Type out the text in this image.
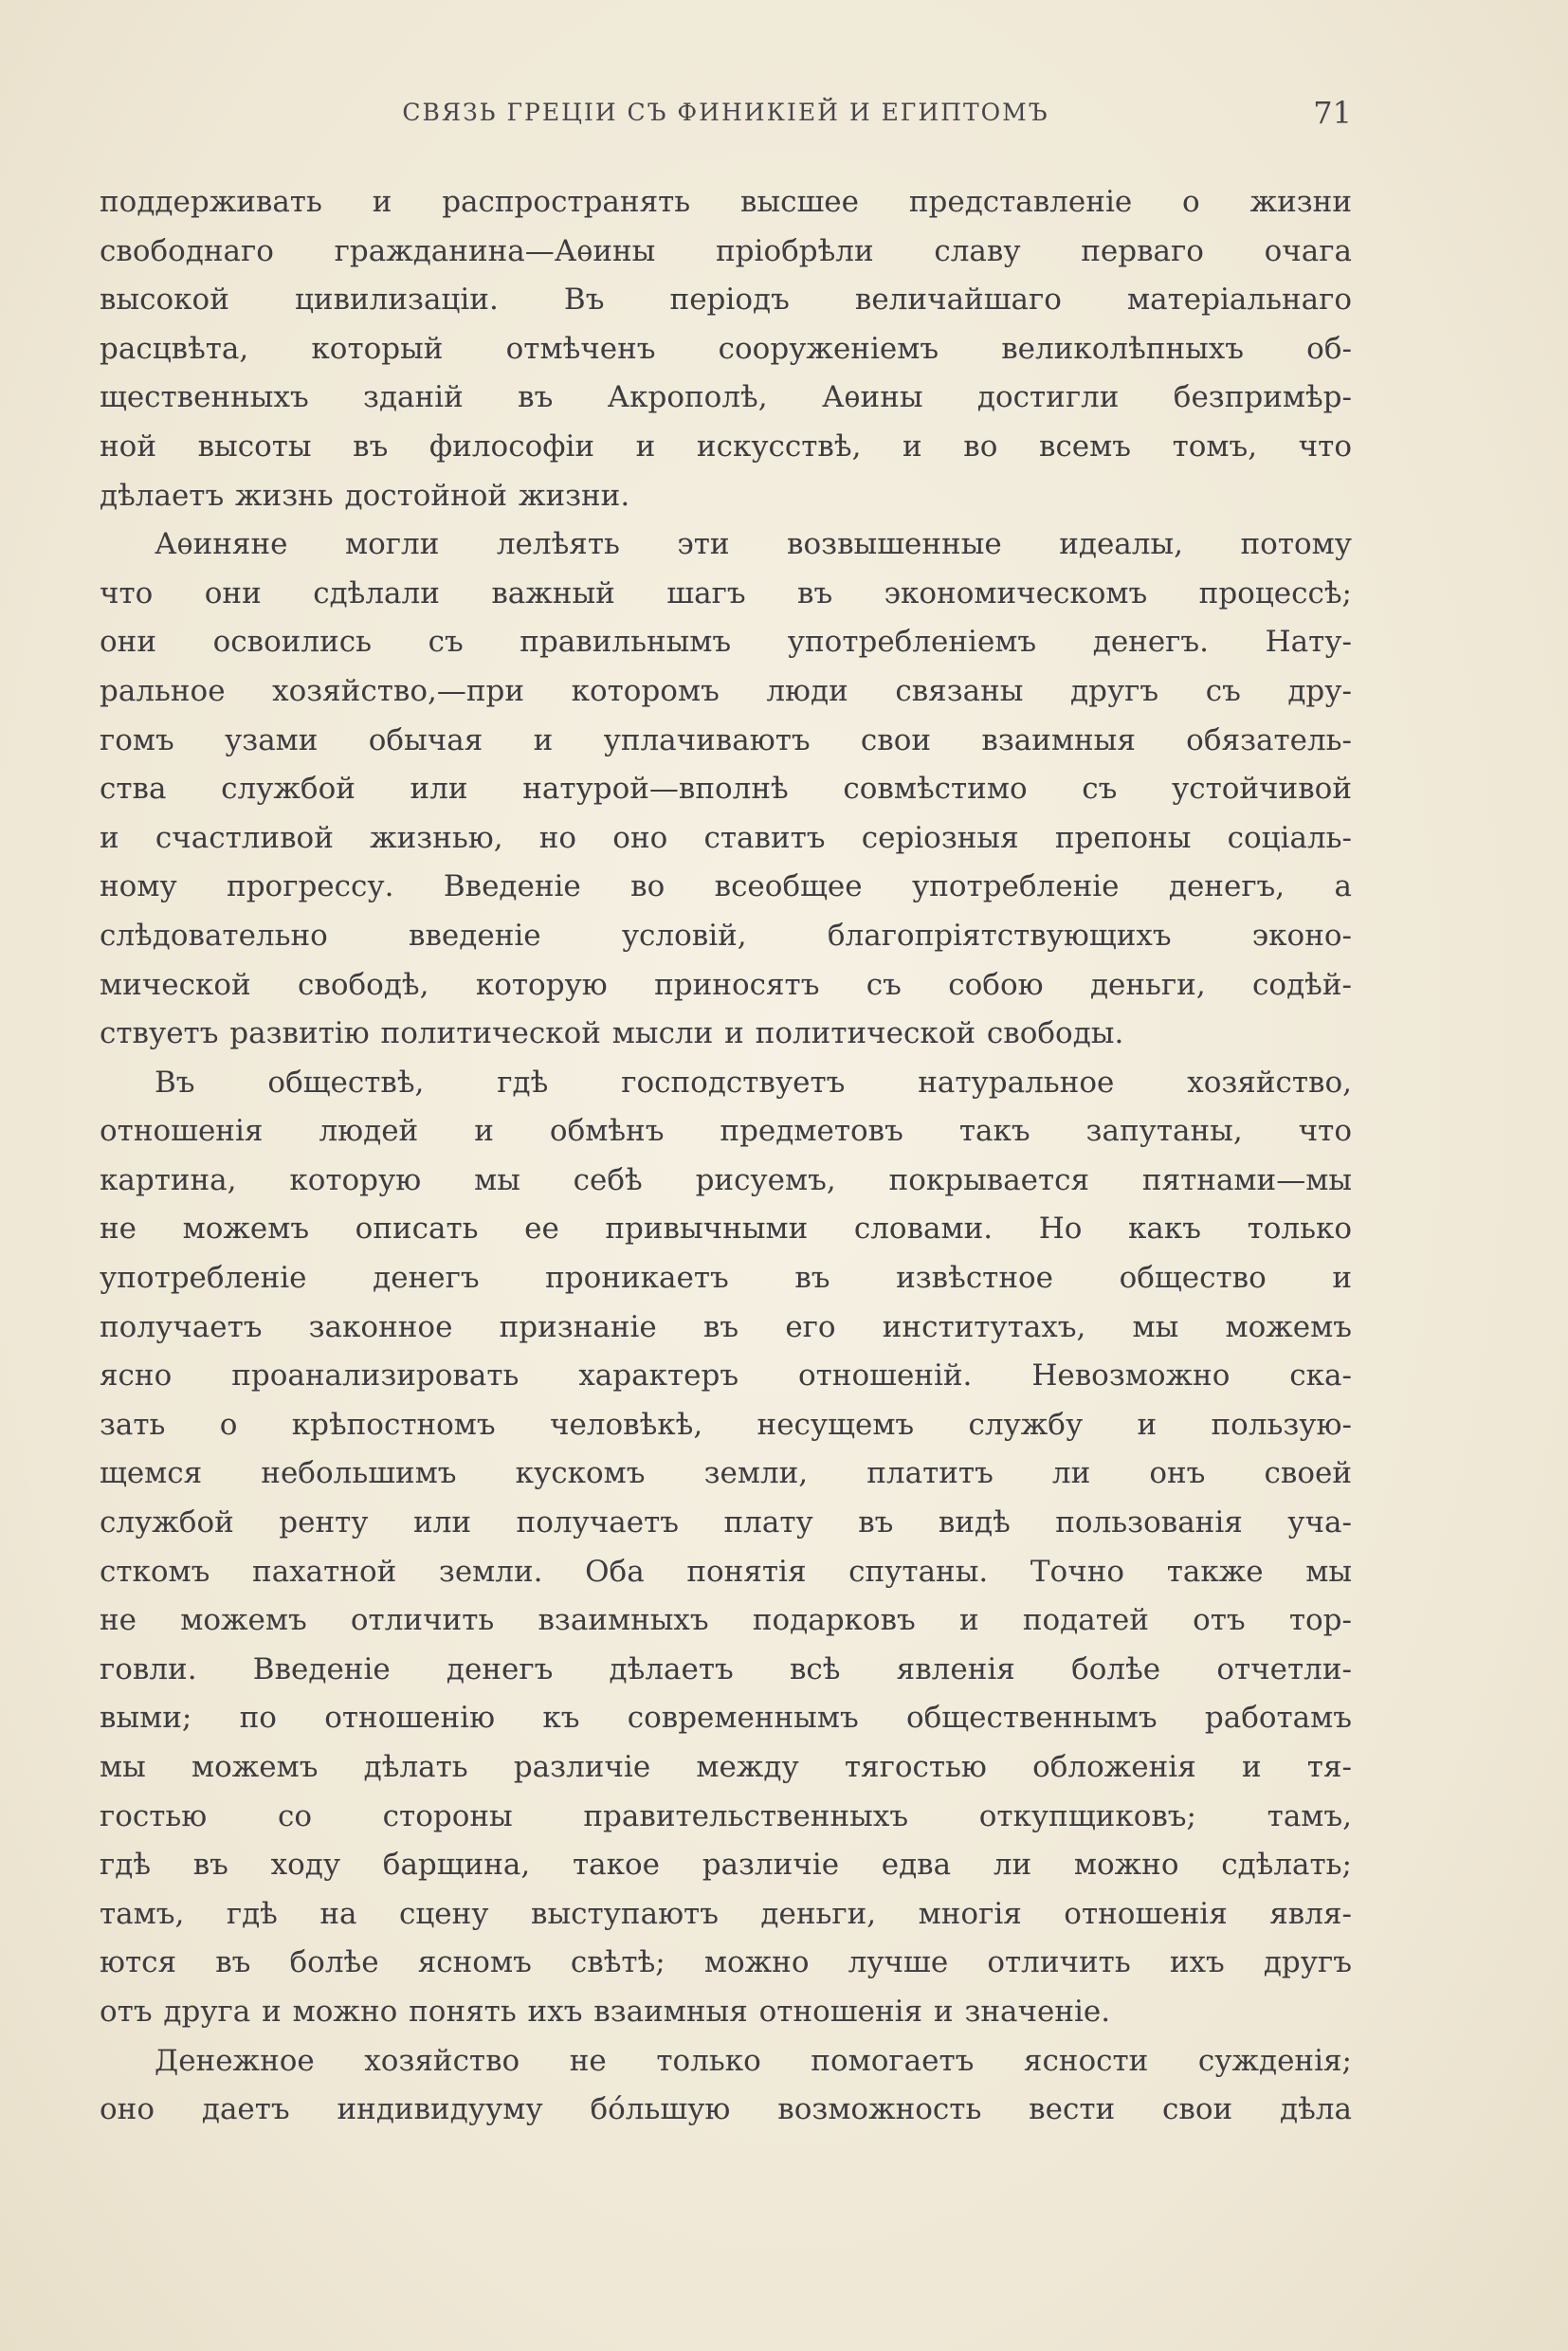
СВЯЗЬ ГРЕЦІИ СЪ ФИНИКІЕЙ И ЕГИПТОМЪ	71

поддерживать и распространять высшее представленіе о жизни
свободнаго гражданина—Аѳины пріобрѣли славу перваго очага
высокой цивилизаціи. Въ періодъ величайшаго матеріальнаго
расцвѣта, который отмѣченъ сооруженіемъ великолѣпныхъ об-
щественныхъ зданій въ Акрополѣ, Аѳины достигли безпримѣр-
ной высоты въ философіи и искусствѣ, и во всемъ томъ, что
дѣлаетъ жизнь достойной жизни.

Аѳиняне могли лелѣять эти возвышенные идеалы, потому
что они сдѣлали важный шагъ въ экономическомъ процессѣ;
они освоились съ правильнымъ употребленіемъ денегъ. Нату-
ральное хозяйство,—при которомъ люди связаны другъ съ дру-
гомъ узами обычая и уплачиваютъ свои взаимныя обязатель-
ства службой или натурой—вполнѣ совмѣстимо съ устойчивой
и счастливой жизнью, но оно ставитъ серіозныя препоны соціаль-
ному прогрессу. Введеніе во всеобщее употребленіе денегъ, а
слѣдовательно введеніе условій, благопріятствующихъ эконо-
мической свободѣ, которую приносятъ съ собою деньги, содѣй-
ствуетъ развитію политической мысли и политической свободы.

Въ обществѣ, гдѣ господствуетъ натуральное хозяйство,
отношенія людей и обмѣнъ предметовъ такъ запутаны, что
картина, которую мы себѣ рисуемъ, покрывается пятнами—мы
не можемъ описать ее привычными словами. Но какъ только
употребленіе денегъ проникаетъ въ извѣстное общество и
получаетъ законное признаніе въ его институтахъ, мы можемъ
ясно проанализировать характеръ отношеній. Невозможно ска-
зать о крѣпостномъ человѣкѣ, несущемъ службу и пользую-
щемся небольшимъ кускомъ земли, платитъ ли онъ своей
службой ренту или получаетъ плату въ видѣ пользованія уча-
сткомъ пахатной земли. Оба понятія спутаны. Точно также мы
не можемъ отличить взаимныхъ подарковъ и податей отъ тор-
говли. Введеніе денегъ дѣлаетъ всѣ явленія болѣе отчетли-
выми; по отношенію къ современнымъ общественнымъ работамъ
мы можемъ дѣлать различіе между тягостью обложенія и тя-
гостью со стороны правительственныхъ откупщиковъ; тамъ,
гдѣ въ ходу барщина, такое различіе едва ли можно сдѣлать;
тамъ, гдѣ на сцену выступаютъ деньги, многія отношенія явля-
ются въ болѣе ясномъ свѣтѣ; можно лучше отличить ихъ другъ
отъ друга и можно понять ихъ взаимныя отношенія и значеніе.

Денежное хозяйство не только помогаетъ ясности сужденія;
оно даетъ индивидууму бо́льшую возможность вести свои дѣла
